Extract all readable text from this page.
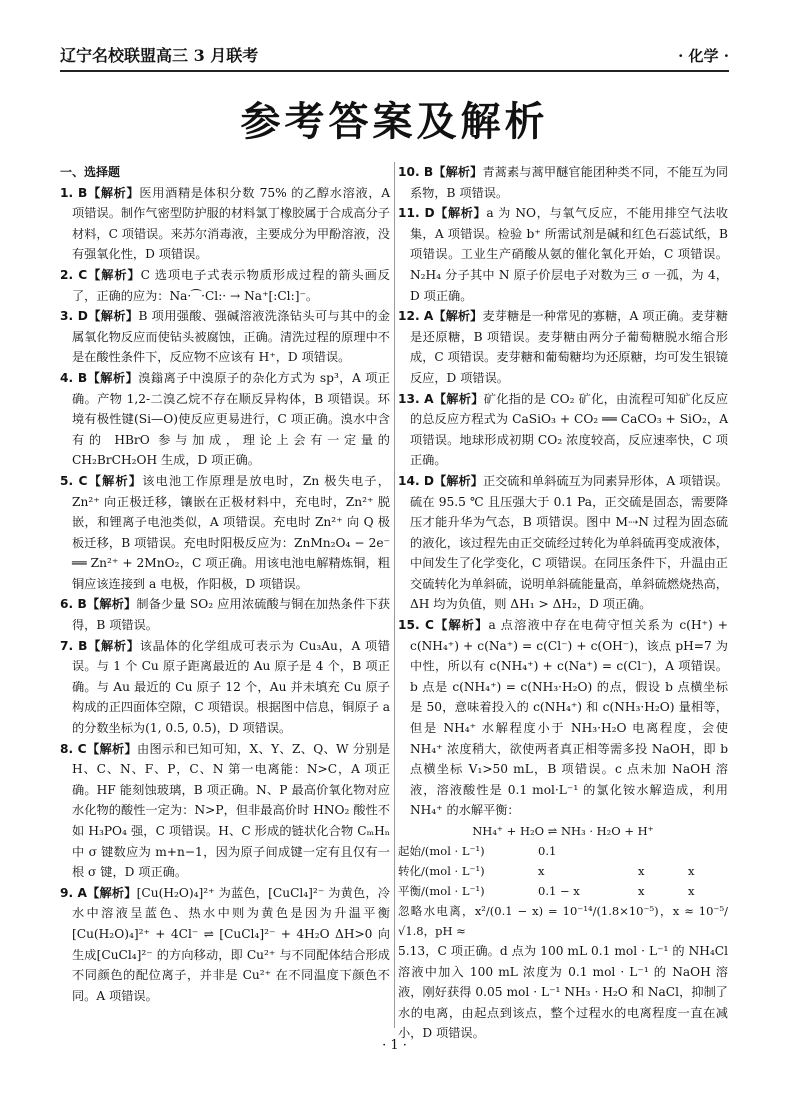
辽宁名校联盟高三 3 月联考	· 化学 ·
参考答案及解析
一、选择题
1. B【解析】医用酒精是体积分数 75% 的乙醇水溶液，A 项错误。制作气密型防护服的材料氯丁橡胶属于合成高分子材料，C 项错误。来苏尔消毒液，主要成分为甲酚溶液，没有强氧化性，D 项错误。
2. C【解析】C 选项电子式表示物质形成过程的箭头画反了，正确的应为：Na·⁀·Cl:· → Na⁺[:Cl:]⁻。
3. D【解析】B 项用强酸、强碱溶液洗涤钻头可与其中的金属氧化物反应而使钻头被腐蚀，正确。清洗过程的原理中不是在酸性条件下，反应物不应该有 H⁺，D 项错误。
4. B【解析】溴鎓离子中溴原子的杂化方式为 sp³，A 项正确。产物 1,2-二溴乙烷不存在顺反异构体，B 项错误。环境有极性键(Si—O)使反应更易进行，C 项正确。溴水中含有的 HBrO 参与加成，理论上会有一定量的 CH₂BrCH₂OH 生成，D 项正确。
5. C【解析】该电池工作原理是放电时，Zn 极失电子，Zn²⁺ 向正极迁移，镶嵌在正极材料中，充电时，Zn²⁺ 脱嵌，和锂离子电池类似，A 项错误。充电时 Zn²⁺ 向 Q 极板迁移，B 项错误。充电时阳极反应为：ZnMn₂O₄ − 2e⁻ ══ Zn²⁺ + 2MnO₂，C 项正确。用该电池电解精炼铜，粗铜应该连接到 a 电极，作阳极，D 项错误。
6. B【解析】制备少量 SO₂ 应用浓硫酸与铜在加热条件下获得，B 项错误。
7. B【解析】该晶体的化学组成可表示为 Cu₃Au，A 项错误。与 1 个 Cu 原子距离最近的 Au 原子是 4 个，B 项正确。与 Au 最近的 Cu 原子 12 个，Au 并未填充 Cu 原子构成的正四面体空隙，C 项错误。根据图中信息，铜原子 a 的分数坐标为(1, 0.5, 0.5)，D 项错误。
8. C【解析】由图示和已知可知，X、Y、Z、Q、W 分别是 H、C、N、F、P，C、N 第一电离能：N>C，A 项正确。HF 能刻蚀玻璃，B 项正确。N、P 最高价氧化物对应水化物的酸性一定为：N>P，但非最高价时 HNO₂ 酸性不如 H₃PO₄ 强，C 项错误。H、C 形成的链状化合物 CₘHₙ 中 σ 键数应为 m+n−1，因为原子间成键一定有且仅有一根 σ 键，D 项正确。
9. A【解析】[Cu(H₂O)₄]²⁺ 为蓝色，[CuCl₄]²⁻ 为黄色，冷水中溶液呈蓝色、热水中则为黄色是因为升温平衡 [Cu(H₂O)₄]²⁺ + 4Cl⁻ ⇌ [CuCl₄]²⁻ + 4H₂O ΔH>0 向生成[CuCl₄]²⁻ 的方向移动，即 Cu²⁺ 与不同配体结合形成不同颜色的配位离子，并非是 Cu²⁺ 在不同温度下颜色不同。A 项错误。
10. B【解析】青蒿素与蒿甲醚官能团种类不同，不能互为同系物，B 项错误。
11. D【解析】a 为 NO，与氧气反应，不能用排空气法收集，A 项错误。检验 b⁺ 所需试剂是碱和红色石蕊试纸，B 项错误。工业生产硝酸从氨的催化氧化开始，C 项错误。N₂H₄ 分子其中 N 原子价层电子对数为三 σ 一孤，为 4，D 项正确。
12. A【解析】麦芽糖是一种常见的寡糖，A 项正确。麦芽糖是还原糖，B 项错误。麦芽糖由两分子葡萄糖脱水缩合形成，C 项错误。麦芽糖和葡萄糖均为还原糖，均可发生银镜反应，D 项错误。
13. A【解析】矿化指的是 CO₂ 矿化，由流程可知矿化反应的总反应方程式为 CaSiO₃ + CO₂ ══ CaCO₃ + SiO₂，A 项错误。地球形成初期 CO₂ 浓度较高，反应速率快，C 项正确。
14. D【解析】正交硫和单斜硫互为同素异形体，A 项错误。硫在 95.5 ℃ 且压强大于 0.1 Pa，正交硫是固态，需要降压才能升华为气态，B 项错误。图中 M⇢N 过程为固态硫的液化，该过程先由正交硫经过转化为单斜硫再变成液体，中间发生了化学变化，C 项错误。在同压条件下，升温由正交硫转化为单斜硫，说明单斜硫能量高，单斜硫燃烧热高，ΔH 均为负值，则 ΔH₁ > ΔH₂，D 项正确。
15. C【解析】a 点溶液中存在电荷守恒关系为 c(H⁺) + c(NH₄⁺) + c(Na⁺) = c(Cl⁻) + c(OH⁻)，该点 pH=7 为中性，所以有 c(NH₄⁺) + c(Na⁺) = c(Cl⁻)，A 项错误。b 点是 c(NH₄⁺) = c(NH₃·H₂O) 的点，假设 b 点横坐标是 50，意味着投入的 c(NH₄⁺) 和 c(NH₃·H₂O) 量相等，但是 NH₄⁺ 水解程度小于 NH₃·H₂O 电离程度，会使 NH₄⁺ 浓度稍大，欲使两者真正相等需多投 NaOH，即 b 点横坐标 V₁>50 mL，B 项错误。c 点未加 NaOH 溶液，溶液酸性是 0.1 mol·L⁻¹ 的氯化铵水解造成，利用 NH₄⁺ 的水解平衡：
NH₄⁺ + H₂O ⇌ NH₃ · H₂O + H⁺
起始/(mol · L⁻¹)	0.1
转化/(mol · L⁻¹)	x	x	x
平衡/(mol · L⁻¹)	0.1 − x	x	x
忽略水电离，x²/(0.1 − x) = 10⁻¹⁴/(1.8×10⁻⁵)，x ≈ 10⁻⁵/√1.8，pH ≈
5.13，C 项正确。d 点为 100 mL 0.1 mol · L⁻¹ 的 NH₄Cl 溶液中加入 100 mL 浓度为 0.1 mol · L⁻¹ 的 NaOH 溶液，刚好获得 0.05 mol · L⁻¹ NH₃ · H₂O 和 NaCl，抑制了水的电离，由起点到该点，整个过程水的电离程度一直在减小，D 项错误。
· 1 ·
